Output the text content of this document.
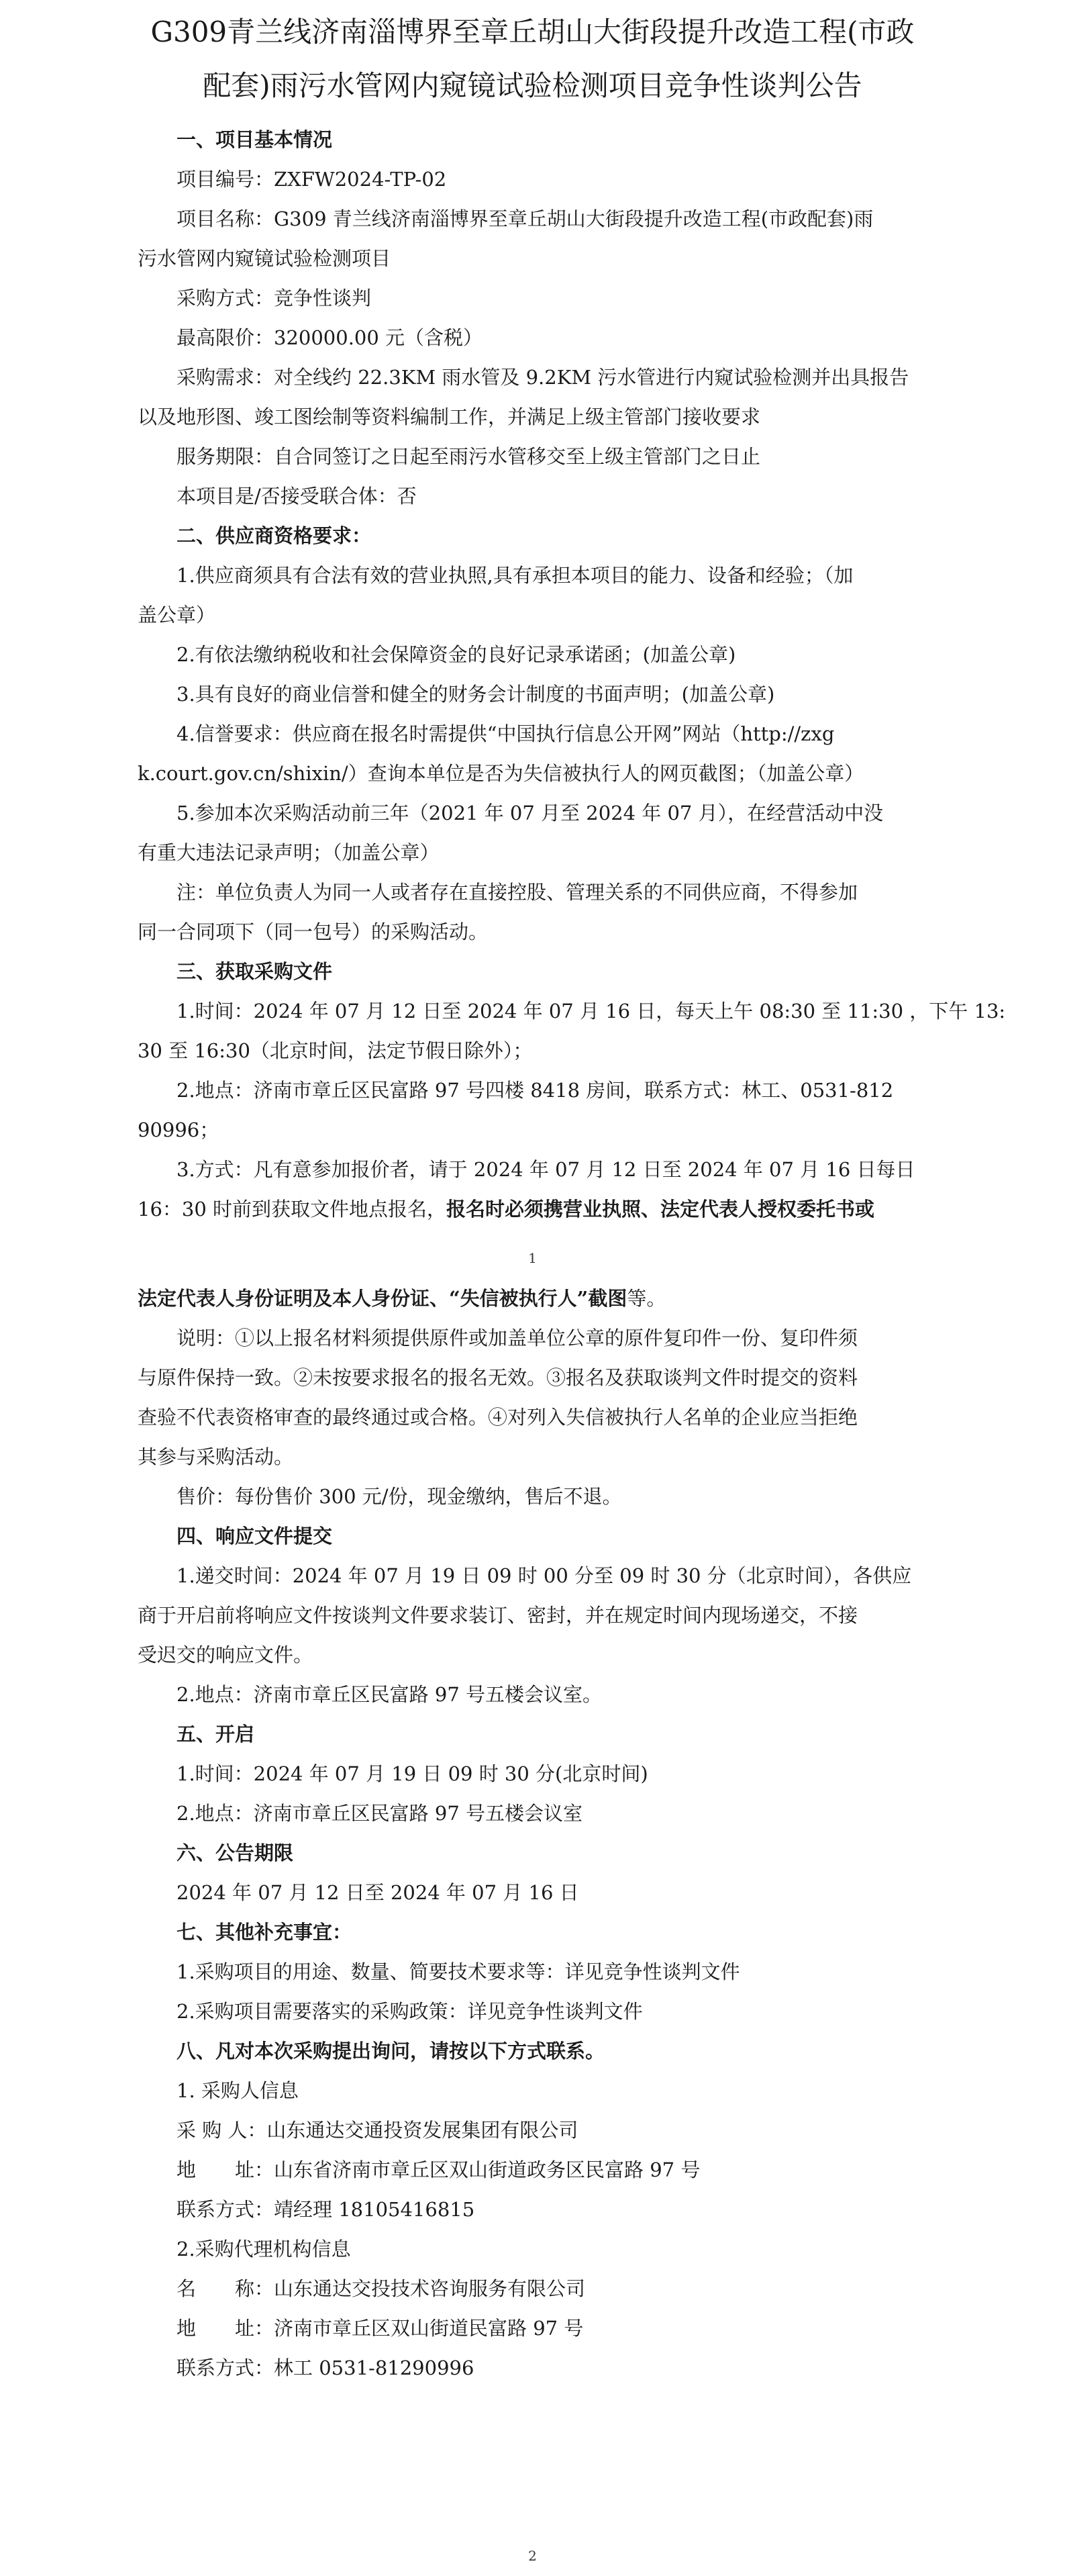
G309青兰线济南淄博界至章丘胡山大街段提升改造工程(市政
配套)雨污水管网内窥镜试验检测项目竞争性谈判公告
一、项目基本情况
项目编号：ZXFW2024-TP-02
项目名称：G309 青兰线济南淄博界至章丘胡山大街段提升改造工程(市政配套)雨
污水管网内窥镜试验检测项目
采购方式：竞争性谈判
最高限价：320000.00 元（含税）
采购需求：对全线约 22.3KM 雨水管及 9.2KM 污水管进行内窥试验检测并出具报告
以及地形图、竣工图绘制等资料编制工作，并满足上级主管部门接收要求
服务期限：自合同签订之日起至雨污水管移交至上级主管部门之日止
本项目是/否接受联合体：否
二、供应商资格要求：
1.供应商须具有合法有效的营业执照,具有承担本项目的能力、设备和经验；（加
盖公章）
2.有依法缴纳税收和社会保障资金的良好记录承诺函；(加盖公章)
3.具有良好的商业信誉和健全的财务会计制度的书面声明；(加盖公章)
4.信誉要求：供应商在报名时需提供“中国执行信息公开网”网站（http://zxg
k.court.gov.cn/shixin/）查询本单位是否为失信被执行人的网页截图；（加盖公章）
5.参加本次采购活动前三年（2021 年 07 月至 2024 年 07 月），在经营活动中没
有重大违法记录声明；（加盖公章）
注：单位负责人为同一人或者存在直接控股、管理关系的不同供应商，不得参加
同一合同项下（同一包号）的采购活动。
三、获取采购文件
1.时间：2024 年 07 月 12 日至 2024 年 07 月 16 日，每天上午 08:30 至 11:30 ，下午 13:
30 至 16:30（北京时间，法定节假日除外）；
2.地点：济南市章丘区民富路 97 号四楼 8418 房间，联系方式：林工、0531-812
90996；
3.方式：凡有意参加报价者，请于 2024 年 07 月 12 日至 2024 年 07 月 16 日每日
16：30 时前到获取文件地点报名，报名时必须携营业执照、法定代表人授权委托书或
1
法定代表人身份证明及本人身份证、“失信被执行人”截图等。
说明：①以上报名材料须提供原件或加盖单位公章的原件复印件一份、复印件须
与原件保持一致。②未按要求报名的报名无效。③报名及获取谈判文件时提交的资料
查验不代表资格审查的最终通过或合格。④对列入失信被执行人名单的企业应当拒绝
其参与采购活动。
售价：每份售价 300 元/份，现金缴纳，售后不退。
四、响应文件提交
1.递交时间：2024 年 07 月 19 日 09 时 00 分至 09 时 30 分（北京时间），各供应
商于开启前将响应文件按谈判文件要求装订、密封，并在规定时间内现场递交，不接
受迟交的响应文件。
2.地点：济南市章丘区民富路 97 号五楼会议室。
五、开启
1.时间：2024 年 07 月 19 日 09 时 30 分(北京时间)
2.地点：济南市章丘区民富路 97 号五楼会议室
六、公告期限
2024 年 07 月 12 日至 2024 年 07 月 16 日
七、其他补充事宜：
1.采购项目的用途、数量、简要技术要求等：详见竞争性谈判文件
2.采购项目需要落实的采购政策：详见竞争性谈判文件
八、凡对本次采购提出询问，请按以下方式联系。
1. 采购人信息
采 购 人：山东通达交通投资发展集团有限公司
地　　址：山东省济南市章丘区双山街道政务区民富路 97 号
联系方式：靖经理 18105416815
2.采购代理机构信息
名　　称：山东通达交投技术咨询服务有限公司
地　　址：济南市章丘区双山街道民富路 97 号
联系方式：林工 0531-81290996
2
